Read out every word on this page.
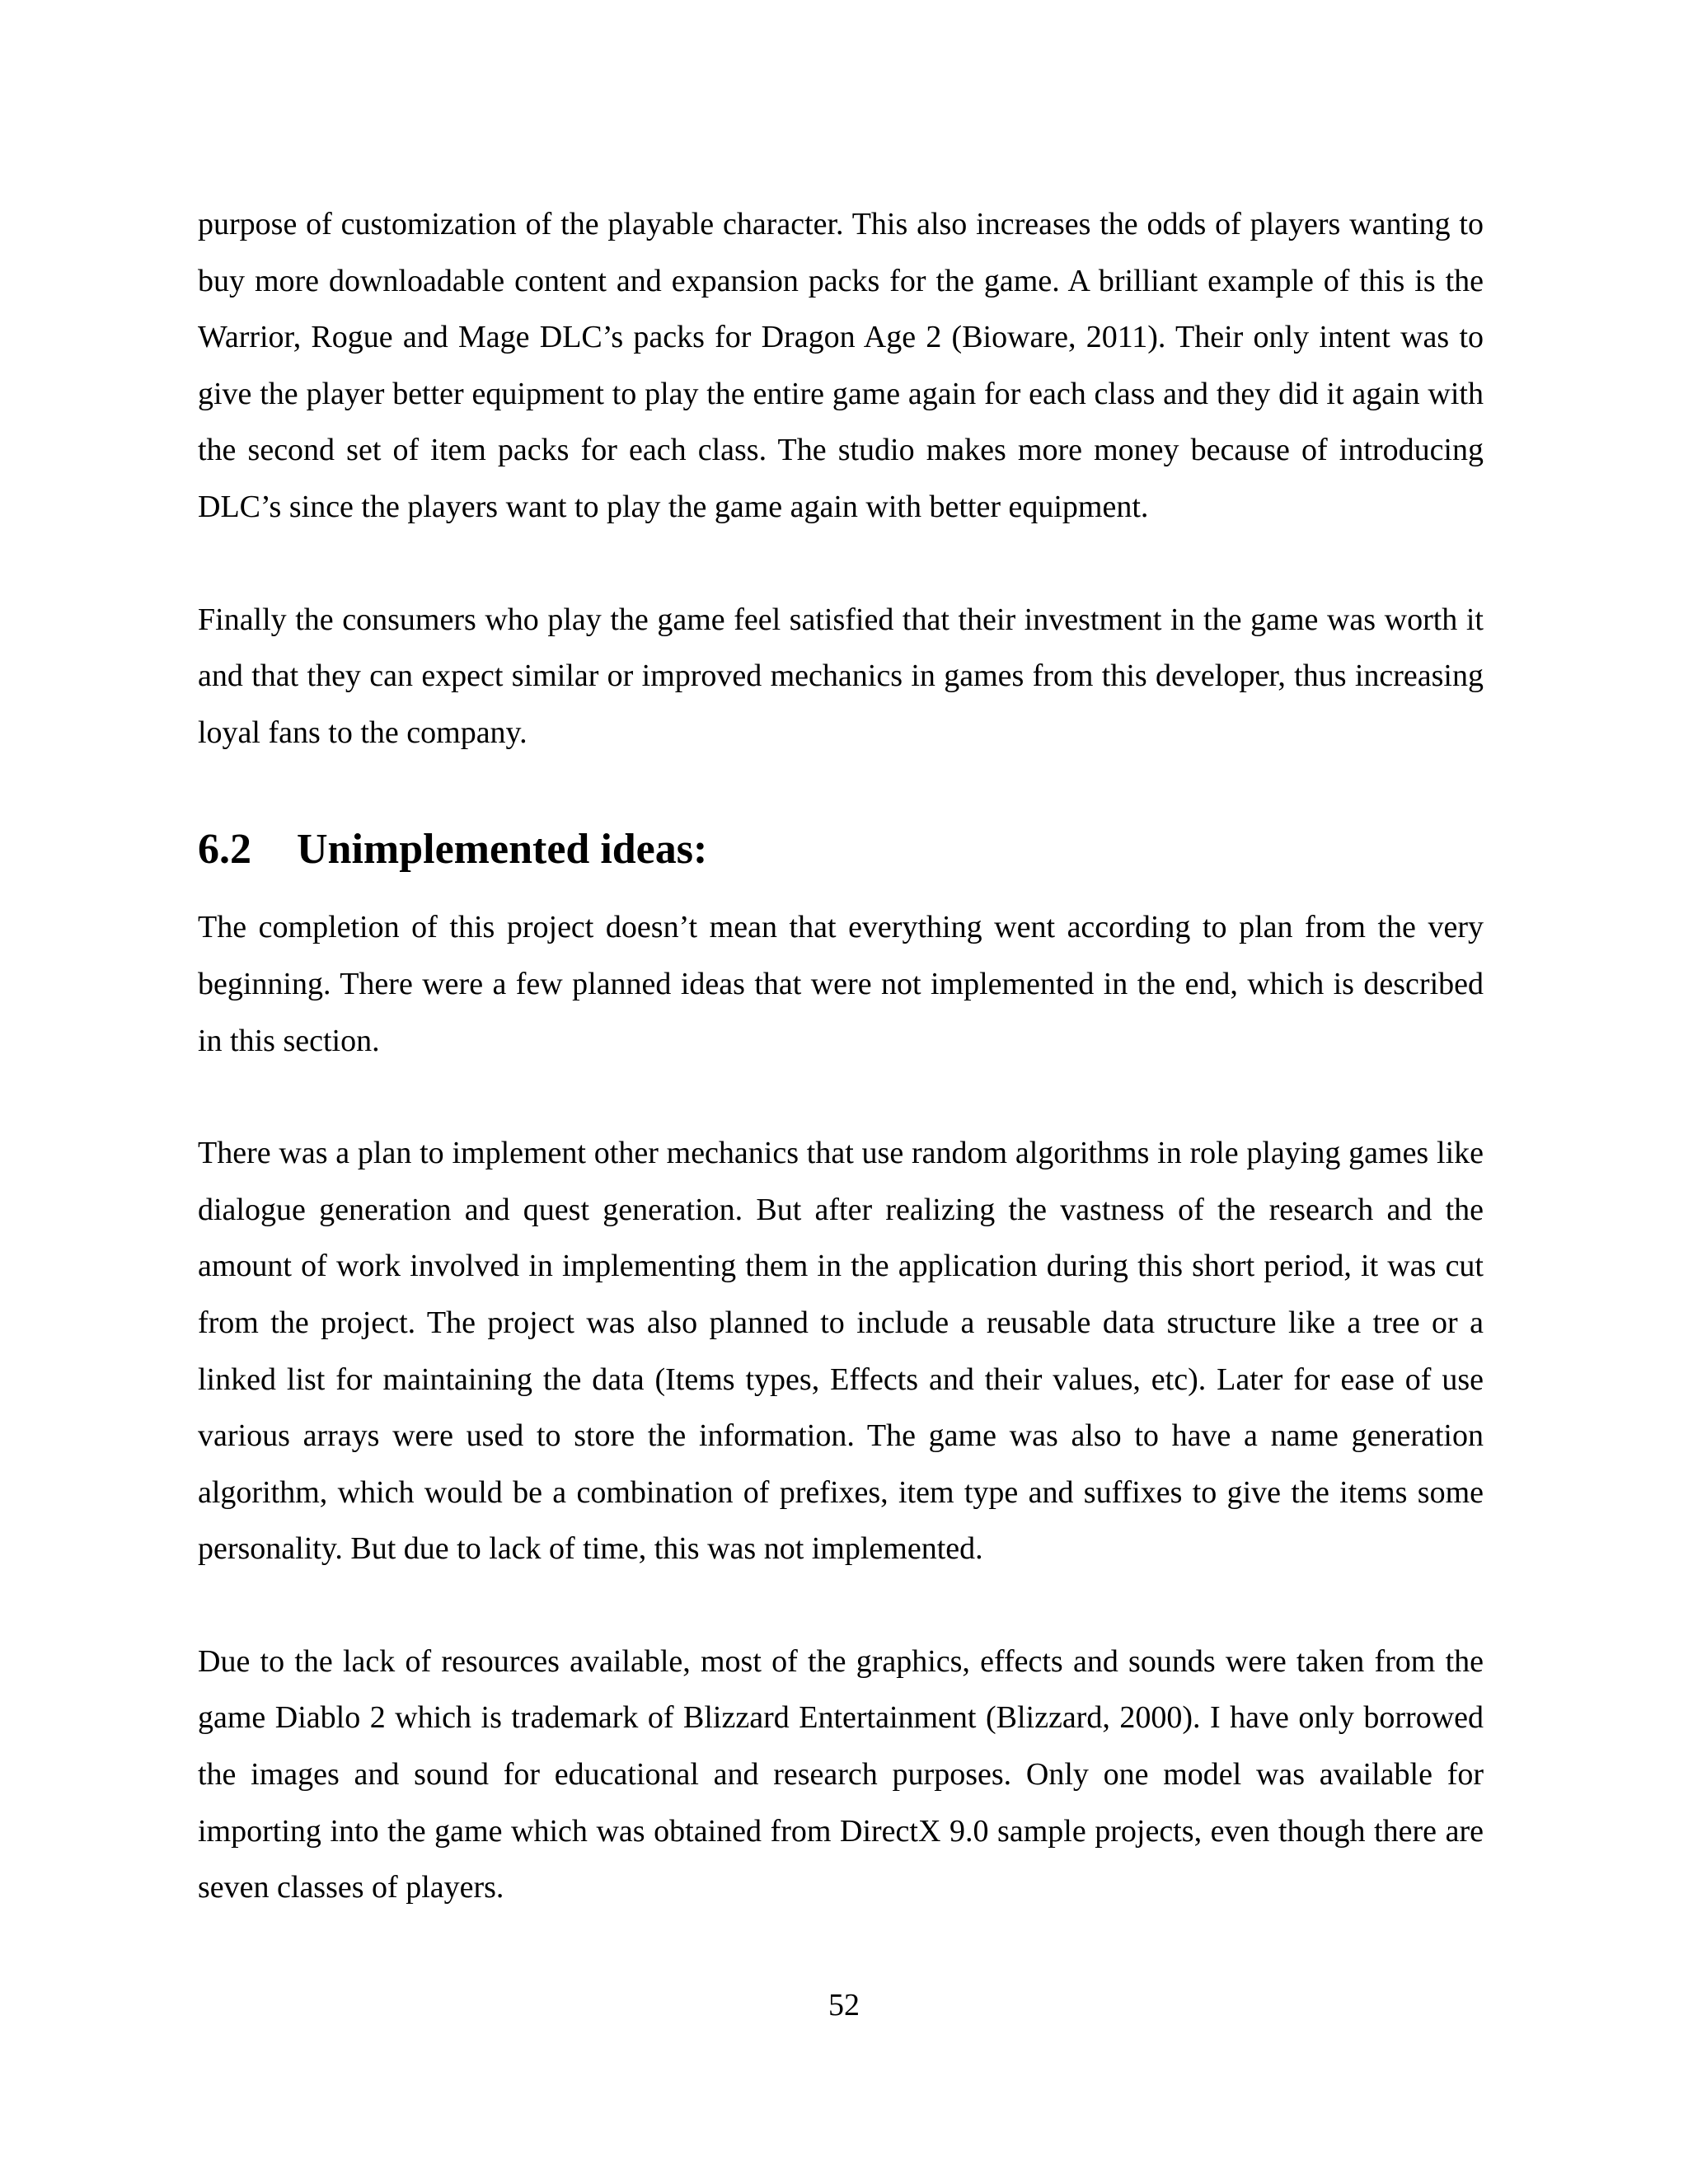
purpose of customization of the playable character. This also increases the odds of players wanting to buy more downloadable content and expansion packs for the game. A brilliant example of this is the Warrior, Rogue and Mage DLC’s packs for Dragon Age 2 (Bioware, 2011). Their only intent was to give the player better equipment to play the entire game again for each class and they did it again with the second set of item packs for each class. The studio makes more money because of introducing DLC’s since the players want to play the game again with better equipment.

Finally the consumers who play the game feel satisfied that their investment in the game was worth it and that they can expect similar or improved mechanics in games from this developer, thus increasing loyal fans to the company.

6.2	Unimplemented ideas:

The completion of this project doesn’t mean that everything went according to plan from the very beginning. There were a few planned ideas that were not implemented in the end, which is described in this section.

There was a plan to implement other mechanics that use random algorithms in role playing games like dialogue generation and quest generation. But after realizing the vastness of the research and the amount of work involved in implementing them in the application during this short period, it was cut from the project. The project was also planned to include a reusable data structure like a tree or a linked list for maintaining the data (Items types, Effects and their values, etc). Later for ease of use various arrays were used to store the information. The game was also to have a name generation algorithm, which would be a combination of prefixes, item type and suffixes to give the items some personality. But due to lack of time, this was not implemented.

Due to the lack of resources available, most of the graphics, effects and sounds were taken from the game Diablo 2 which is trademark of Blizzard Entertainment (Blizzard, 2000). I have only borrowed the images and sound for educational and research purposes. Only one model was available for importing into the game which was obtained from DirectX 9.0 sample projects, even though there are seven classes of players.

52
